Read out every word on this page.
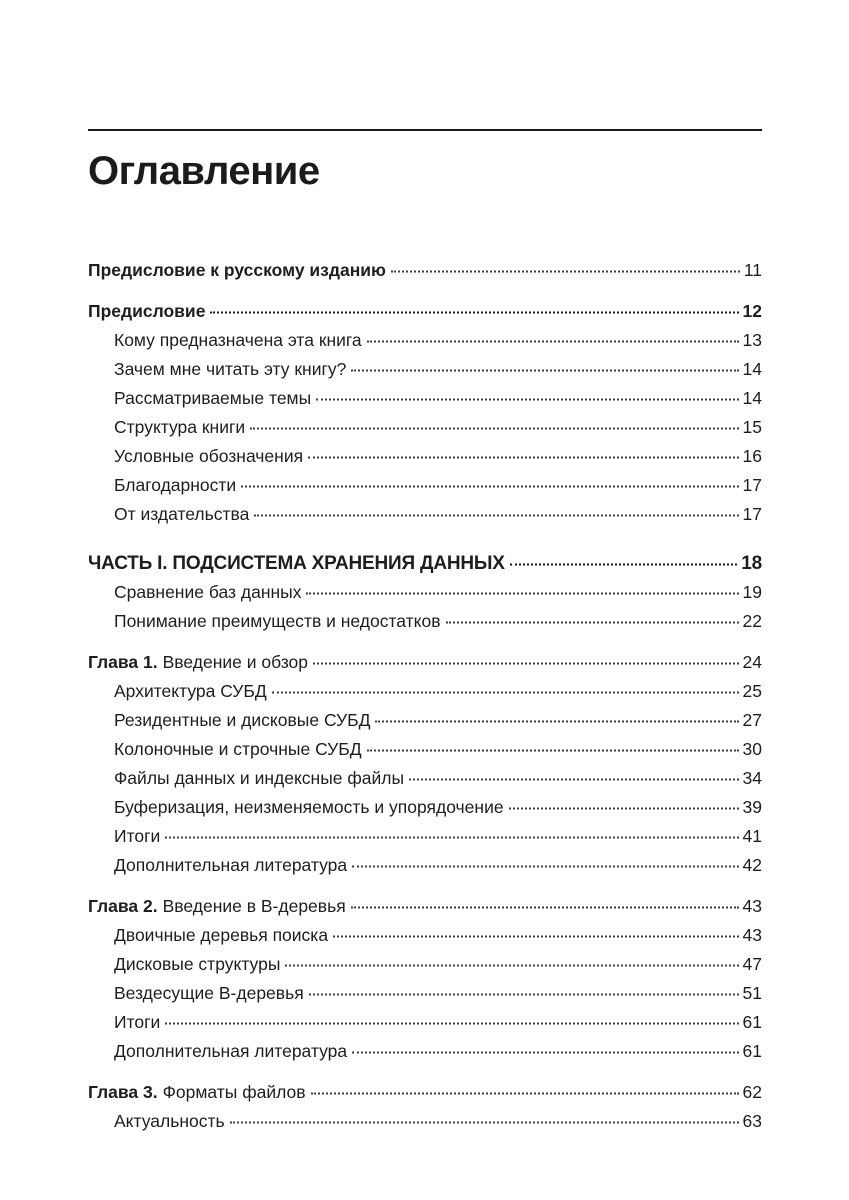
Оглавление
Предисловие к русскому изданию	11
Предисловие	12
Кому предназначена эта книга	13
Зачем мне читать эту книгу?	14
Рассматриваемые темы	14
Структура книги	15
Условные обозначения	16
Благодарности	17
От издательства	17
ЧАСТЬ I. ПОДСИСТЕМА ХРАНЕНИЯ ДАННЫХ	18
Сравнение баз данных	19
Понимание преимуществ и недостатков	22
Глава 1. Введение и обзор	24
Архитектура СУБД	25
Резидентные и дисковые СУБД	27
Колоночные и строчные СУБД	30
Файлы данных и индексные файлы	34
Буферизация, неизменяемость и упорядочение	39
Итоги	41
Дополнительная литература	42
Глава 2. Введение в B-деревья	43
Двоичные деревья поиска	43
Дисковые структуры	47
Вездесущие B-деревья	51
Итоги	61
Дополнительная литература	61
Глава 3. Форматы файлов	62
Актуальность	63
